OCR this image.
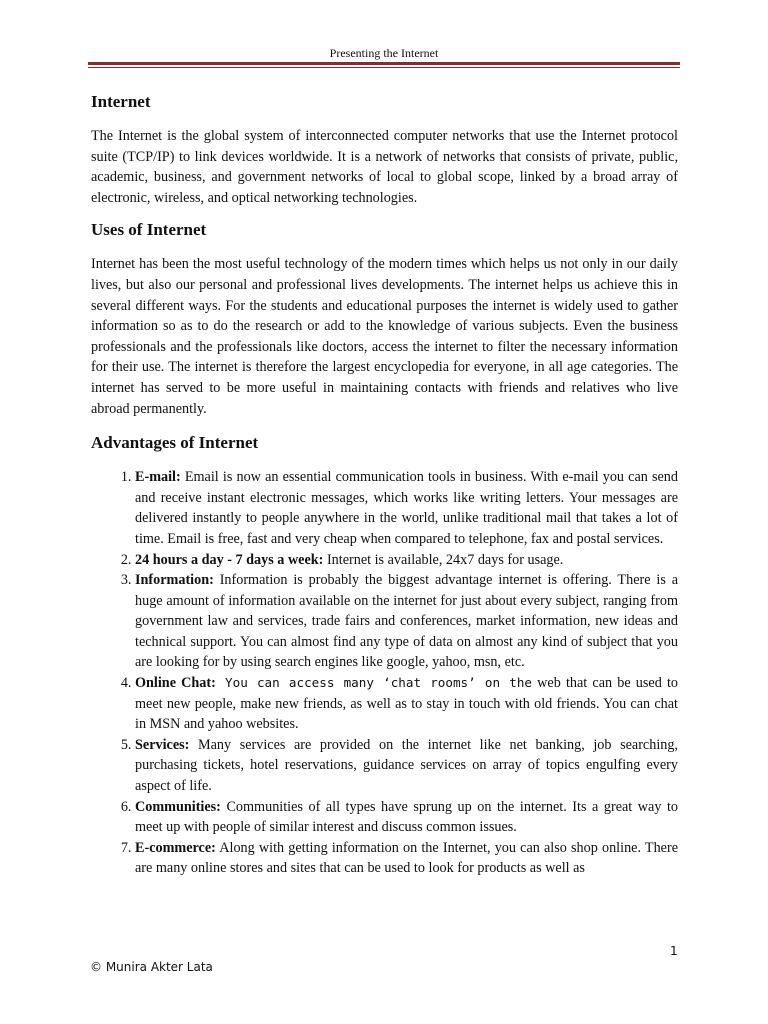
Presenting the Internet
Internet

The Internet is the global system of interconnected computer networks that use the Internet protocol suite (TCP/IP) to link devices worldwide. It is a network of networks that consists of private, public, academic, business, and government networks of local to global scope, linked by a broad array of electronic, wireless, and optical networking technologies.

Uses of Internet

Internet has been the most useful technology of the modern times which helps us not only in our daily lives, but also our personal and professional lives developments. The internet helps us achieve this in several different ways. For the students and educational purposes the internet is widely used to gather information so as to do the research or add to the knowledge of various subjects. Even the business professionals and the professionals like doctors, access the internet to filter the necessary information for their use. The internet is therefore the largest encyclopedia for everyone, in all age categories. The internet has served to be more useful in maintaining contacts with friends and relatives who live abroad permanently.

Advantages of Internet
1. E-mail: Email is now an essential communication tools in business. With e-mail you can send and receive instant electronic messages, which works like writing letters. Your messages are delivered instantly to people anywhere in the world, unlike traditional mail that takes a lot of time. Email is free, fast and very cheap when compared to telephone, fax and postal services.
2. 24 hours a day - 7 days a week: Internet is available, 24x7 days for usage.
3. Information: Information is probably the biggest advantage internet is offering. There is a huge amount of information available on the internet for just about every subject, ranging from government law and services, trade fairs and conferences, market information, new ideas and technical support. You can almost find any type of data on almost any kind of subject that you are looking for by using search engines like google, yahoo, msn, etc.
4. Online Chat: You can access many ‘chat rooms’ on the web that can be used to meet new people, make new friends, as well as to stay in touch with old friends. You can chat in MSN and yahoo websites.
5. Services: Many services are provided on the internet like net banking, job searching, purchasing tickets, hotel reservations, guidance services on array of topics engulfing every aspect of life.
6. Communities: Communities of all types have sprung up on the internet. Its a great way to meet up with people of similar interest and discuss common issues.
7. E-commerce: Along with getting information on the Internet, you can also shop online. There are many online stores and sites that can be used to look for products as well as
1
© Munira Akter Lata
